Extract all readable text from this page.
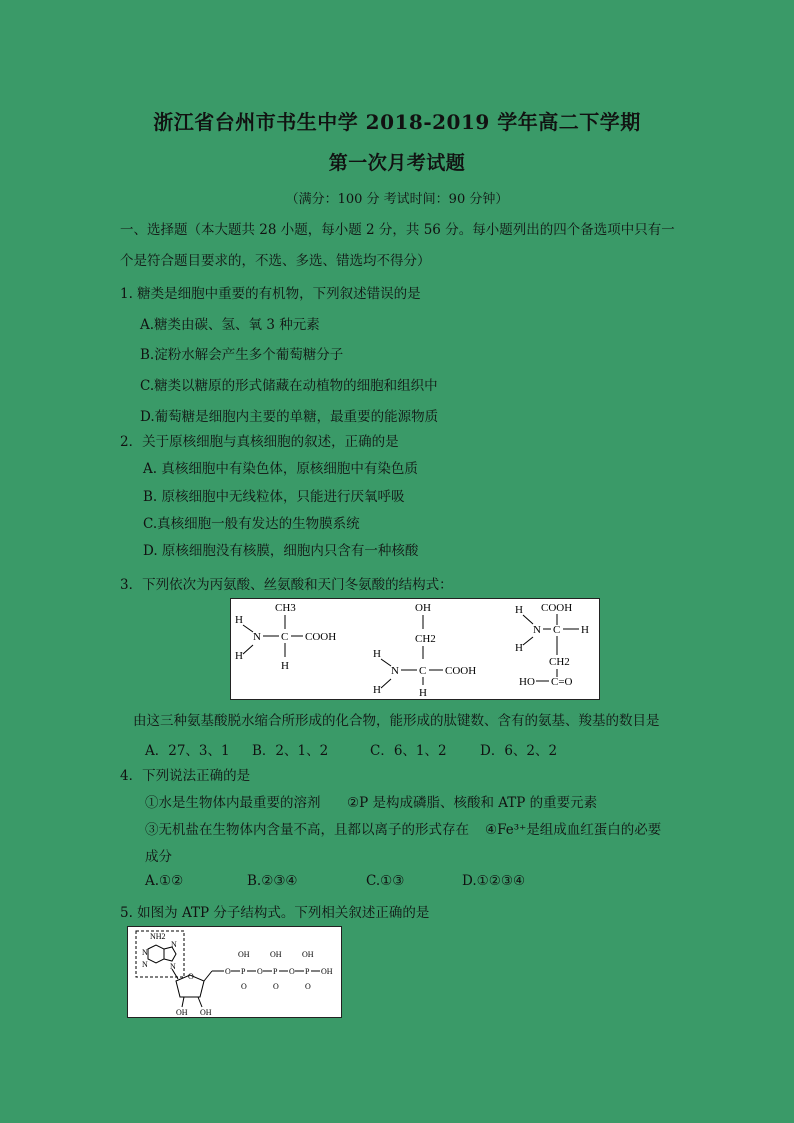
浙江省台州市书生中学 2018-2019 学年高二下学期
第一次月考试题
（满分：100 分 考试时间：90 分钟）
一、选择题（本大题共 28 小题，每小题 2 分，共 56 分。每小题列出的四个备选项中只有一
个是符合题目要求的，不选、多选、错选均不得分）
1. 糖类是细胞中重要的有机物，下列叙述错误的是
A.糖类由碳、氢、氧 3 种元素
B.淀粉水解会产生多个葡萄糖分子
C.糖类以糖原的形式储藏在动植物的细胞和组织中
D.葡萄糖是细胞内主要的单糖，最重要的能源物质
2．关于原核细胞与真核细胞的叙述，正确的是
A. 真核细胞中有染色体，原核细胞中有染色质
B. 原核细胞中无线粒体，只能进行厌氧呼吸
C.真核细胞一般有发达的生物膜系统
D. 原核细胞没有核膜，细胞内只含有一种核酸
3．下列依次为丙氨酸、丝氨酸和天门冬氨酸的结构式：
CH3
H
N
H
C COOH
H
OH
CH2
H
N
H
C COOH
H
H COOH
N C H
H
CH2
HO C=O
由这三种氨基酸脱水缩合所形成的化合物，能形成的肽键数、含有的氨基、羧基的数目是
A．27、3、1 B．2、1、2	C．6、1、2 D．6、2、2
4．下列说法正确的是
①水是生物体内最重要的溶剂 ②P 是构成磷脂、核酸和 ATP 的重要元素
③无机盐在生物体内含量不高，且都以离子的形式存在 ④Fe³⁺是组成血红蛋白的必要
成分
A.①②	B.②③④	C.①③	D.①②③④
5. 如图为 ATP 分子结构式。下列相关叙述正确的是
NH2
N
N
N
N
O
OH OH
O P
OH
O
O P
OH
O
O P
OH
O
OH
